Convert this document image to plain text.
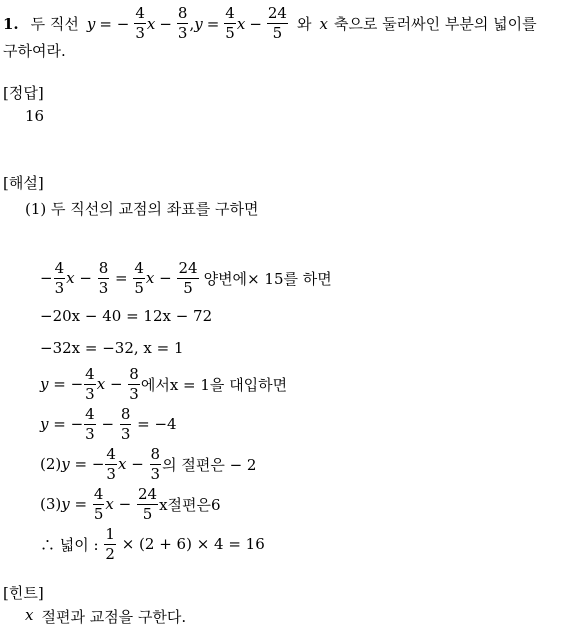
1. 두 직선 y = − $\frac{4}{3}$ $x - \frac{8}{3}$ , $y = \frac{4}{5}$ $x - \frac{24}{5}$ 와 x 축으로 둘러싸인 부분의 넓이를
구하여라.
[정답]
16
[해설]
(1) 두 직선의 교점의 좌표를 구하면
− $\frac{4}{3}$ $x - \frac{8}{3} = \frac{4}{5}$ $x - \frac{24}{5}$ 양변에 × 15를 하면
−20x − 40 = 12x − 72
−32x = −32, x = 1
y = − $\frac{4}{3}$ $x - \frac{8}{3}$ 에서 x = 1을 대입하면
y = − $\frac{4}{3} - \frac{8}{3}$
= −4
(2) y = − $\frac{4}{3}$ $x - \frac{8}{3}$ 의 절편은 − 2
(3) $y = \frac{4}{5}$ $x - \frac{24}{5}$ x절편은6
∴ 넓이 :
$\frac{1}{2}$
× (2 + 6) × 4 = 16
[힌트]
x 절편과 교점을 구한다.
